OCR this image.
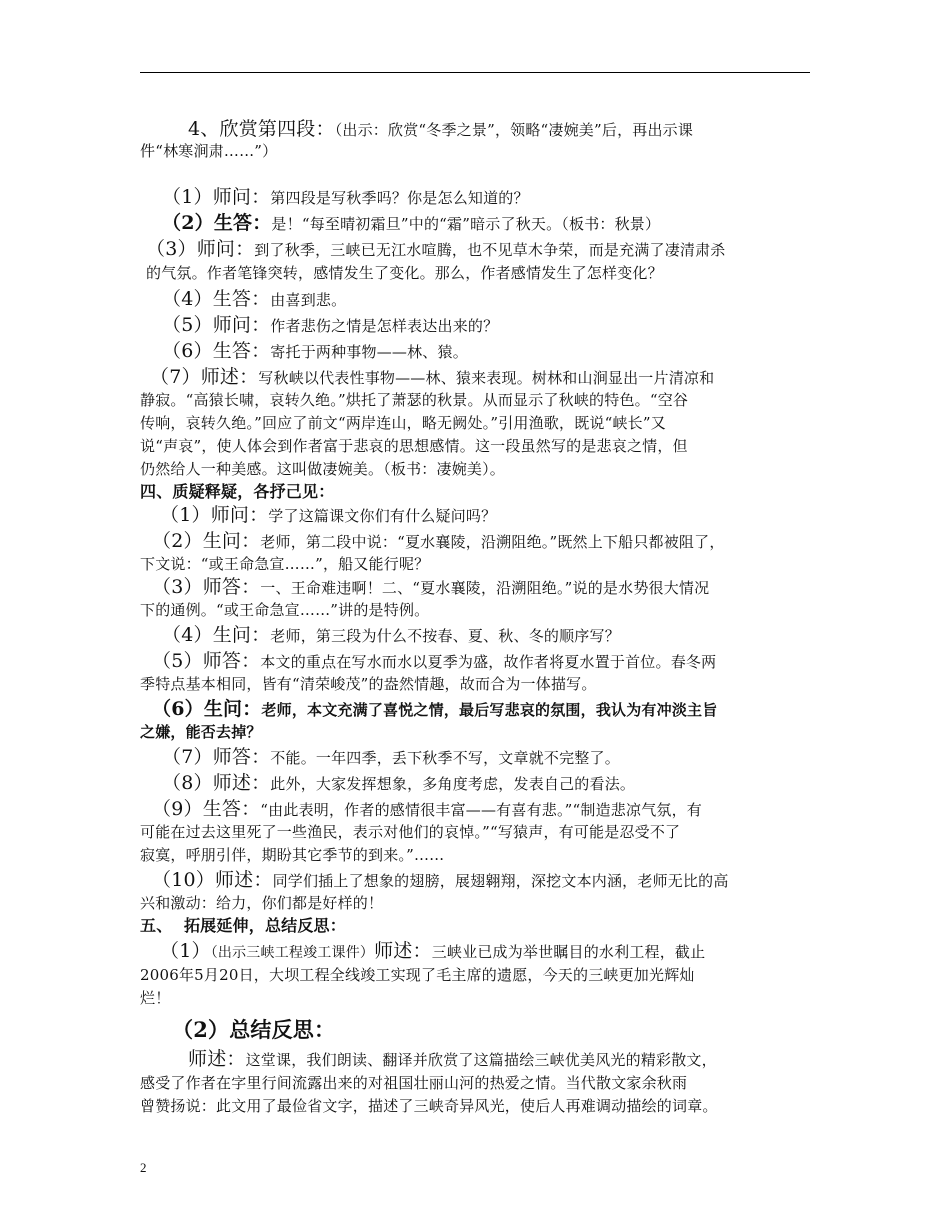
4、欣赏第四段：（出示：欣赏“冬季之景”，领略“凄婉美”后，再出示课
件“林寒涧肃……”）
（1）师问：第四段是写秋季吗？你是怎么知道的？
（2）生答：是！“每至晴初霜旦”中的“霜”暗示了秋天。（板书：秋景）
（3）师问：到了秋季，三峡已无江水喧腾，也不见草木争荣，而是充满了凄清肃杀
的气氛。作者笔锋突转，感情发生了变化。那么，作者感情发生了怎样变化？
（4）生答：由喜到悲。
（5）师问：作者悲伤之情是怎样表达出来的？
（6）生答：寄托于两种事物——林、猿。
（7）师述：写秋峡以代表性事物——林、猿来表现。树林和山涧显出一片清凉和
静寂。“高猿长啸，哀转久绝。”烘托了萧瑟的秋景。从而显示了秋峡的特色。“空谷
传响，哀转久绝。”回应了前文“两岸连山，略无阙处。”引用渔歌，既说“峡长”又
说“声哀”，使人体会到作者富于悲哀的思想感情。这一段虽然写的是悲哀之情，但
仍然给人一种美感。这叫做凄婉美。（板书：凄婉美）。
四、质疑释疑，各抒己见：
（1）师问：学了这篇课文你们有什么疑问吗？
（2）生问：老师，第二段中说：“夏水襄陵，沿溯阻绝。”既然上下船只都被阻了，
下文说：“或王命急宣……”，船又能行呢？
（3）师答：一、王命难违啊！二、“夏水襄陵，沿溯阻绝。”说的是水势很大情况
下的通例。“或王命急宣……”讲的是特例。
（4）生问：老师，第三段为什么不按春、夏、秋、冬的顺序写？
（5）师答：本文的重点在写水而水以夏季为盛，故作者将夏水置于首位。春冬两
季特点基本相同，皆有“清荣峻茂”的盎然情趣，故而合为一体描写。
（6）生问：老师，本文充满了喜悦之情，最后写悲哀的氛围，我认为有冲淡主旨
之嫌，能否去掉？
（7）师答：不能。一年四季，丢下秋季不写，文章就不完整了。
（8）师述：此外，大家发挥想象，多角度考虑，发表自己的看法。
（9）生答：“由此表明，作者的感情很丰富——有喜有悲。”“制造悲凉气氛，有
可能在过去这里死了一些渔民，表示对他们的哀悼。”“写猿声，有可能是忍受不了
寂寞，呼朋引伴，期盼其它季节的到来。”……
（10）师述：同学们插上了想象的翅膀，展翅翱翔，深挖文本内涵，老师无比的高
兴和激动：给力，你们都是好样的！
五、  拓展延伸，总结反思：
（1）（出示三峡工程竣工课件）师述：三峡业已成为举世瞩目的水利工程，截止
2006年5月20日，大坝工程全线竣工实现了毛主席的遗愿，今天的三峡更加光辉灿
烂！
（2）总结反思：
师述：这堂课，我们朗读、翻译并欣赏了这篇描绘三峡优美风光的精彩散文，
感受了作者在字里行间流露出来的对祖国壮丽山河的热爱之情。当代散文家余秋雨
曾赞扬说：此文用了最俭省文字，描述了三峡奇异风光，使后人再难调动描绘的词章。
2
